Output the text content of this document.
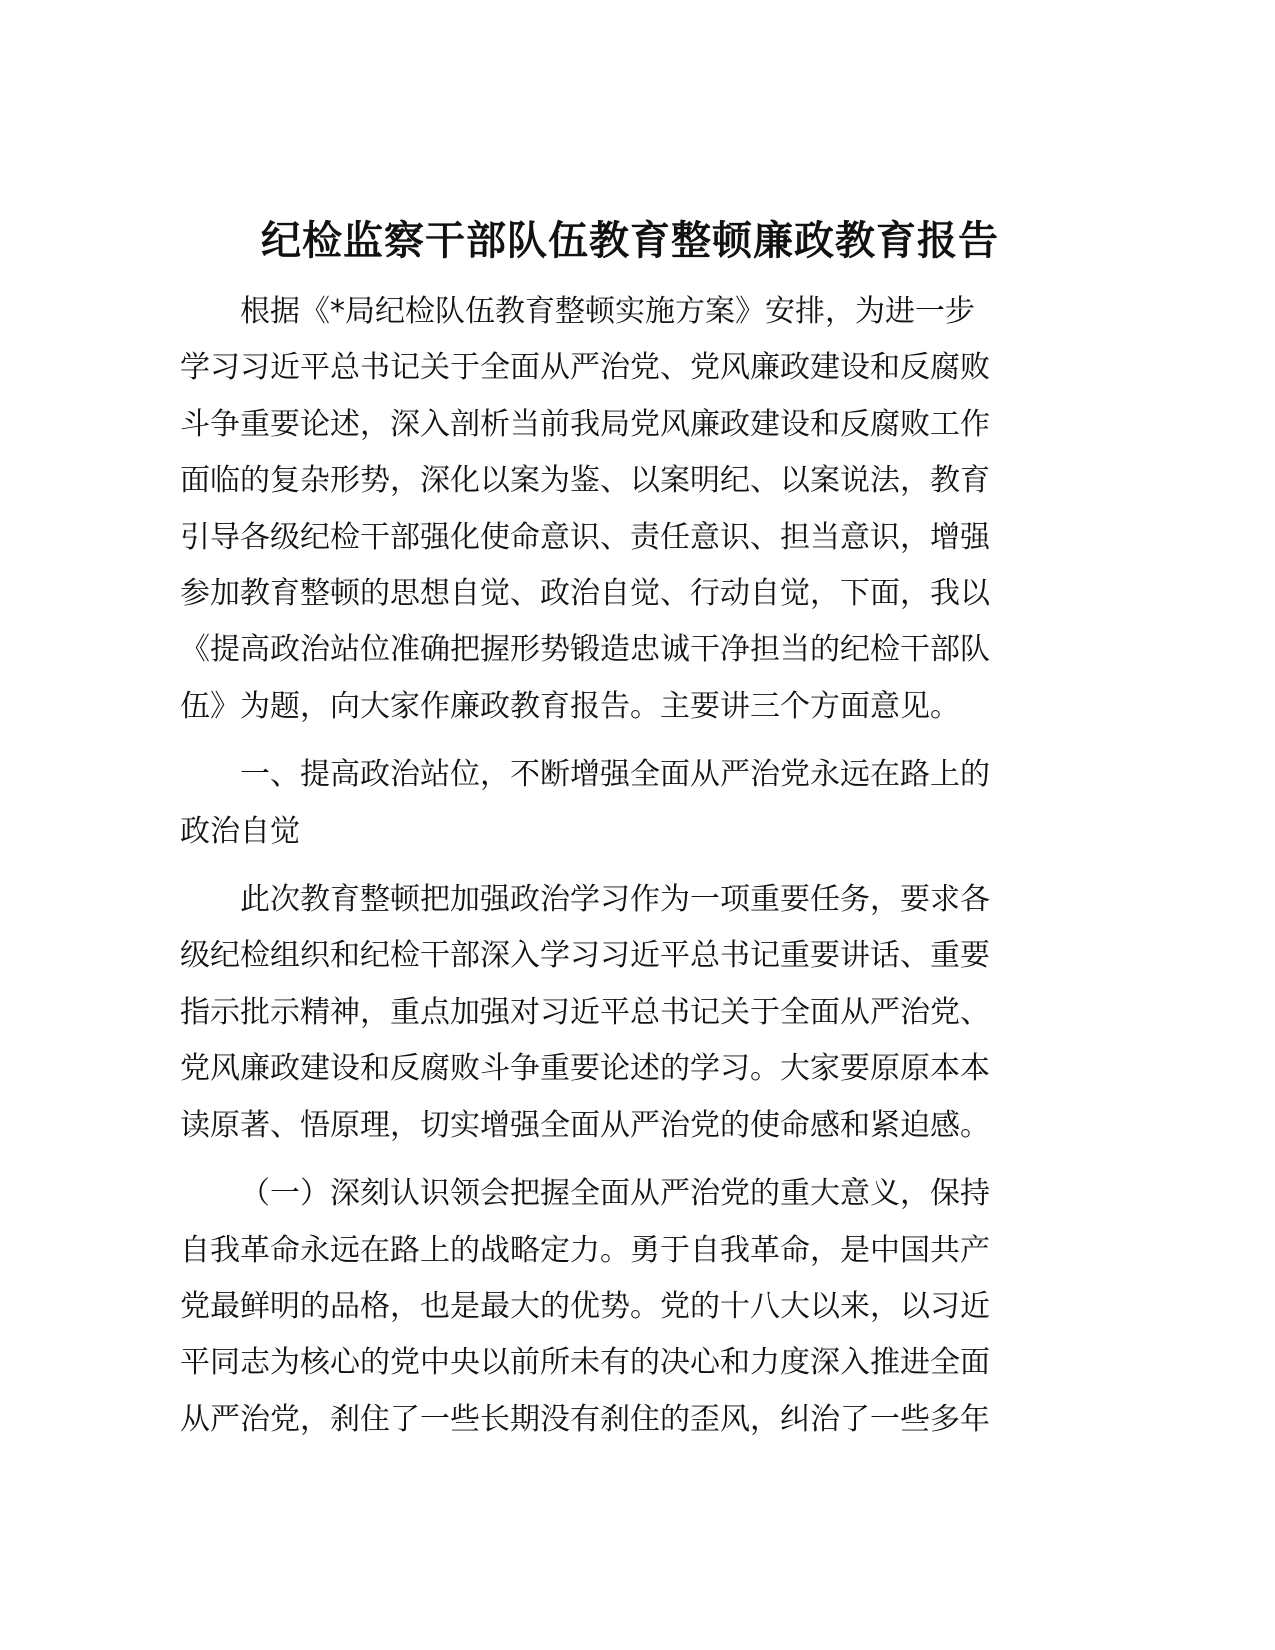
纪检监察干部队伍教育整顿廉政教育报告

根据《*局纪检队伍教育整顿实施方案》安排，为进一步
学习习近平总书记关于全面从严治党、党风廉政建设和反腐败
斗争重要论述，深入剖析当前我局党风廉政建设和反腐败工作
面临的复杂形势，深化以案为鉴、以案明纪、以案说法，教育
引导各级纪检干部强化使命意识、责任意识、担当意识，增强
参加教育整顿的思想自觉、政治自觉、行动自觉，下面，我以
《提高政治站位准确把握形势锻造忠诚干净担当的纪检干部队
伍》为题，向大家作廉政教育报告。主要讲三个方面意见。

一、提高政治站位，不断增强全面从严治党永远在路上的
政治自觉

此次教育整顿把加强政治学习作为一项重要任务，要求各
级纪检组织和纪检干部深入学习习近平总书记重要讲话、重要
指示批示精神，重点加强对习近平总书记关于全面从严治党、
党风廉政建设和反腐败斗争重要论述的学习。大家要原原本本
读原著、悟原理，切实增强全面从严治党的使命感和紧迫感。

（一）深刻认识领会把握全面从严治党的重大意义，保持
自我革命永远在路上的战略定力。勇于自我革命，是中国共产
党最鲜明的品格，也是最大的优势。党的十八大以来，以习近
平同志为核心的党中央以前所未有的决心和力度深入推进全面
从严治党，刹住了一些长期没有刹住的歪风，纠治了一些多年
